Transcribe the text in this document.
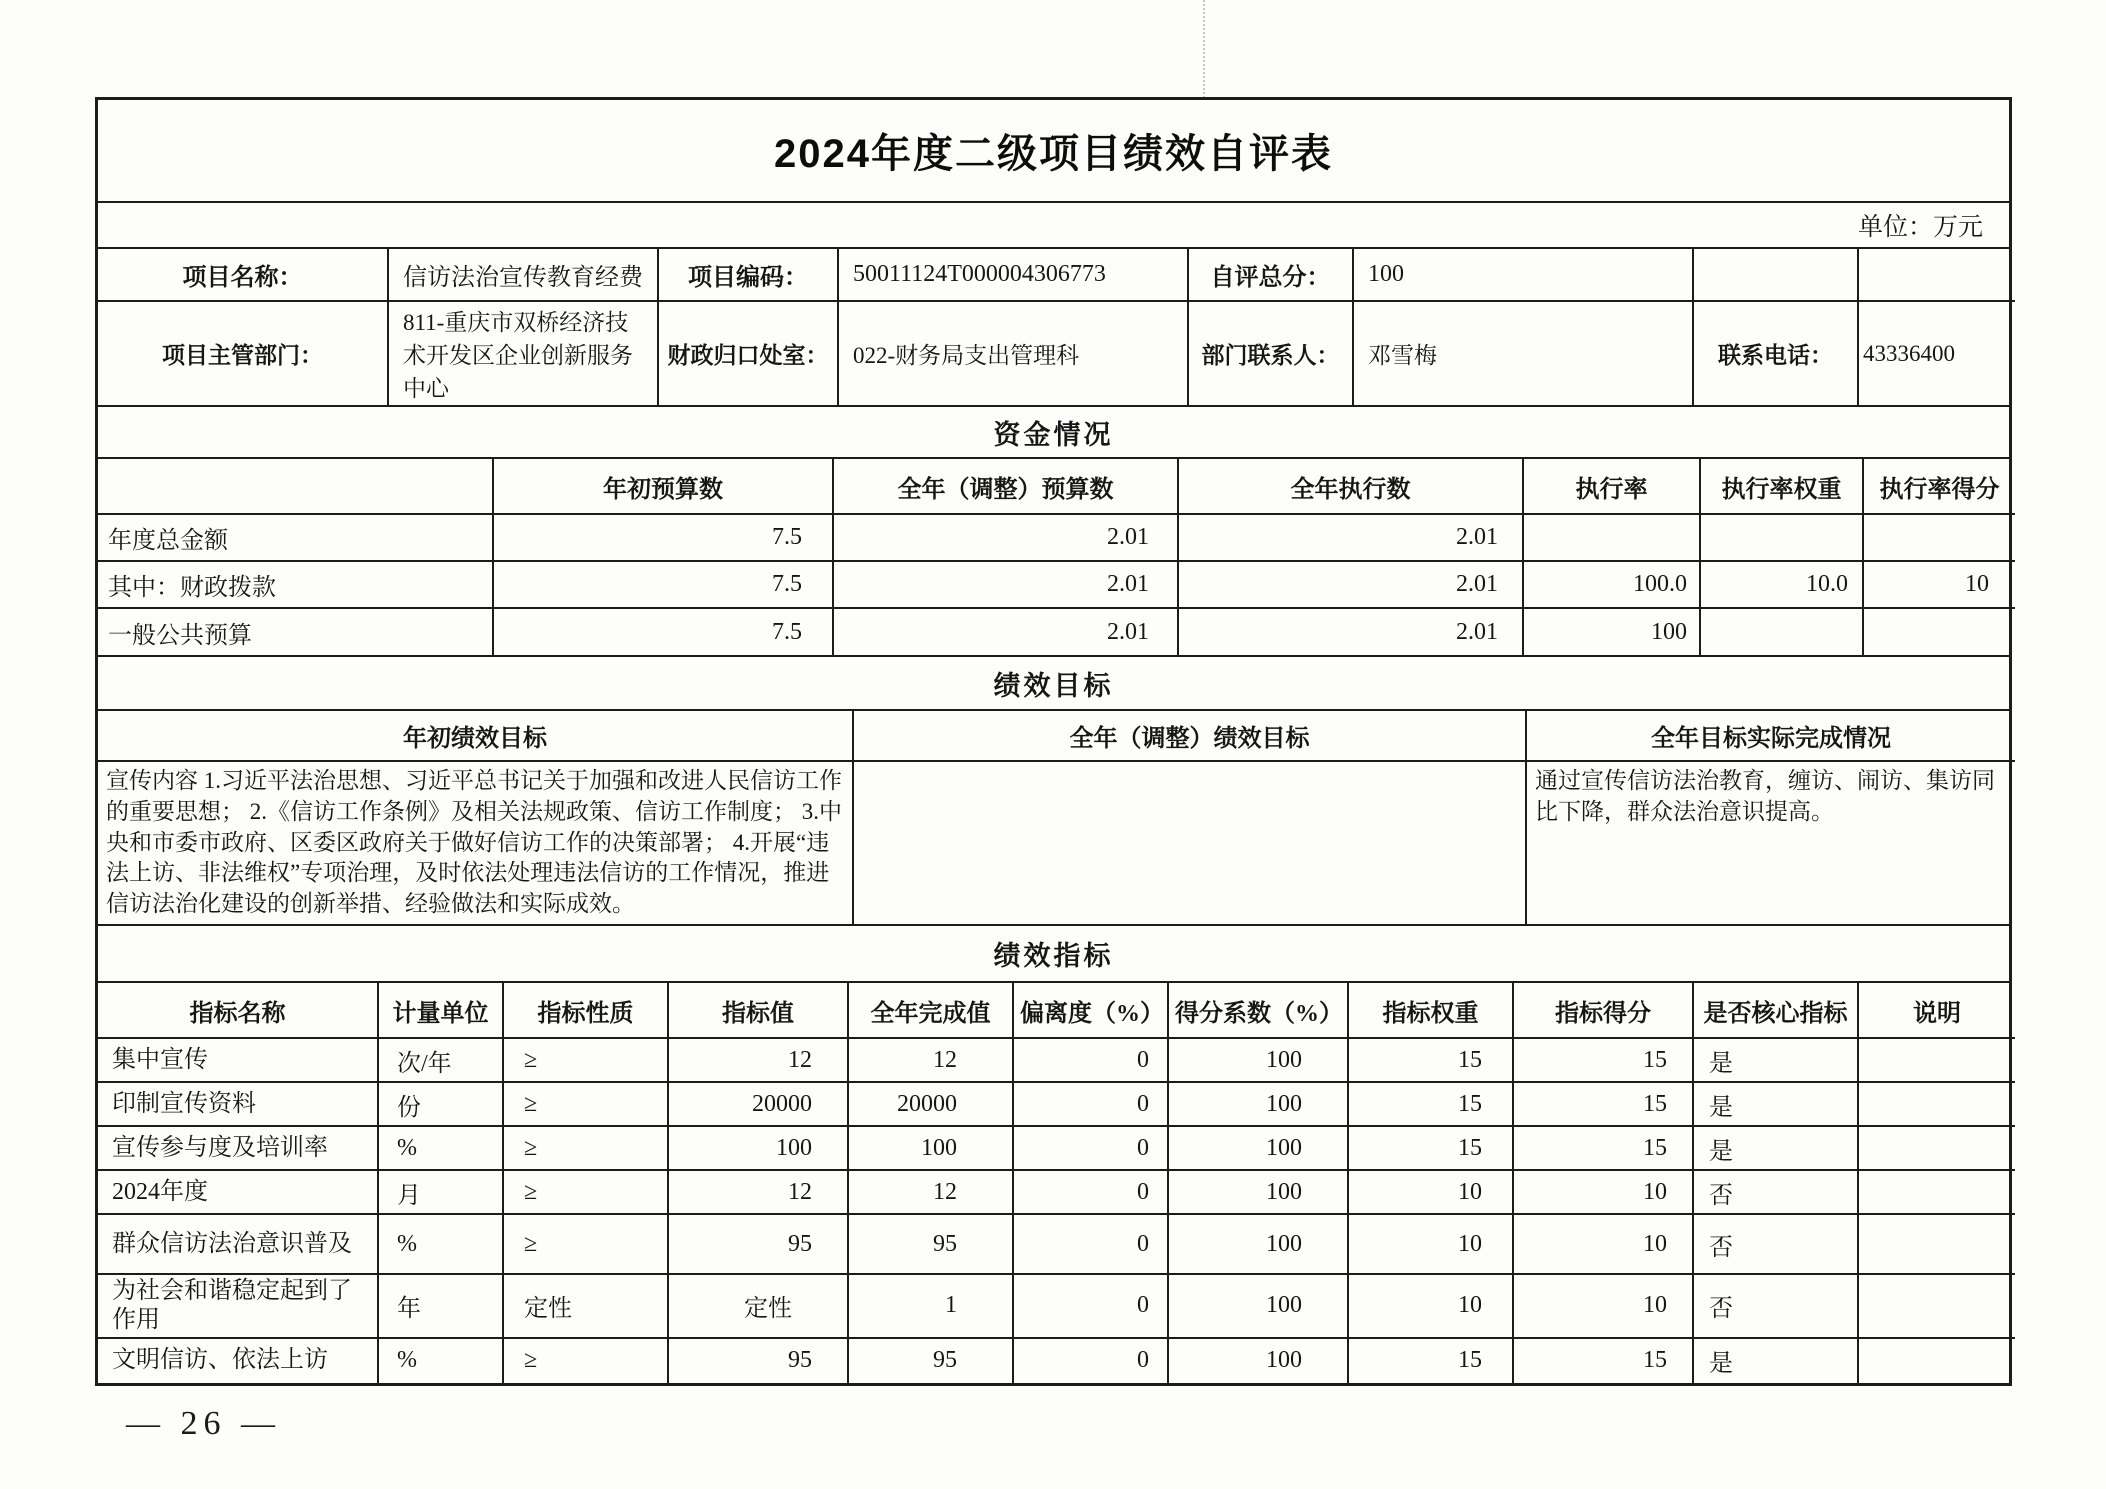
2024年度二级项目绩效自评表
单位：万元
项目名称：	信访法治宣传教育经费	项目编码：	50011124T000004306773	自评总分：	100		
项目主管部门：	811-重庆市双桥经济技术开发区企业创新服务中心	财政归口处室：	022-财务局支出管理科	部门联系人：	邓雪梅	联系电话：	43336400
资金情况
	年初预算数	全年（调整）预算数	全年执行数	执行率	执行率权重	执行率得分
年度总金额	7.5	2.01	2.01			
其中：财政拨款	7.5	2.01	2.01	100.0	10.0	10
一般公共预算	7.5	2.01	2.01	100		
绩效目标
年初绩效目标	全年（调整）绩效目标	全年目标实际完成情况
宣传内容 1.习近平法治思想、习近平总书记关于加强和改进人民信访工作的重要思想； 2.《信访工作条例》及相关法规政策、信访工作制度； 3.中央和市委市政府、区委区政府关于做好信访工作的决策部署； 4.开展“违法上访、非法维权”专项治理，及时依法处理违法信访的工作情况，推进信访法治化建设的创新举措、经验做法和实际成效。		通过宣传信访法治教育，缠访、闹访、集访同比下降，群众法治意识提高。
绩效指标
指标名称	计量单位	指标性质	指标值	全年完成值	偏离度（%）	得分系数（%）	指标权重	指标得分	是否核心指标	说明
集中宣传	次/年	≥	12	12	0	100	15	15	是	
印制宣传资料	份	≥	20000	20000	0	100	15	15	是	
宣传参与度及培训率	%	≥	100	100	0	100	15	15	是	
2024年度	月	≥	12	12	0	100	10	10	否	
群众信访法治意识普及	%	≥	95	95	0	100	10	10	否	
为社会和谐稳定起到了作用	年	定性	定性	1	0	100	10	10	否	
文明信访、依法上访	%	≥	95	95	0	100	15	15	是	
— 26 —
